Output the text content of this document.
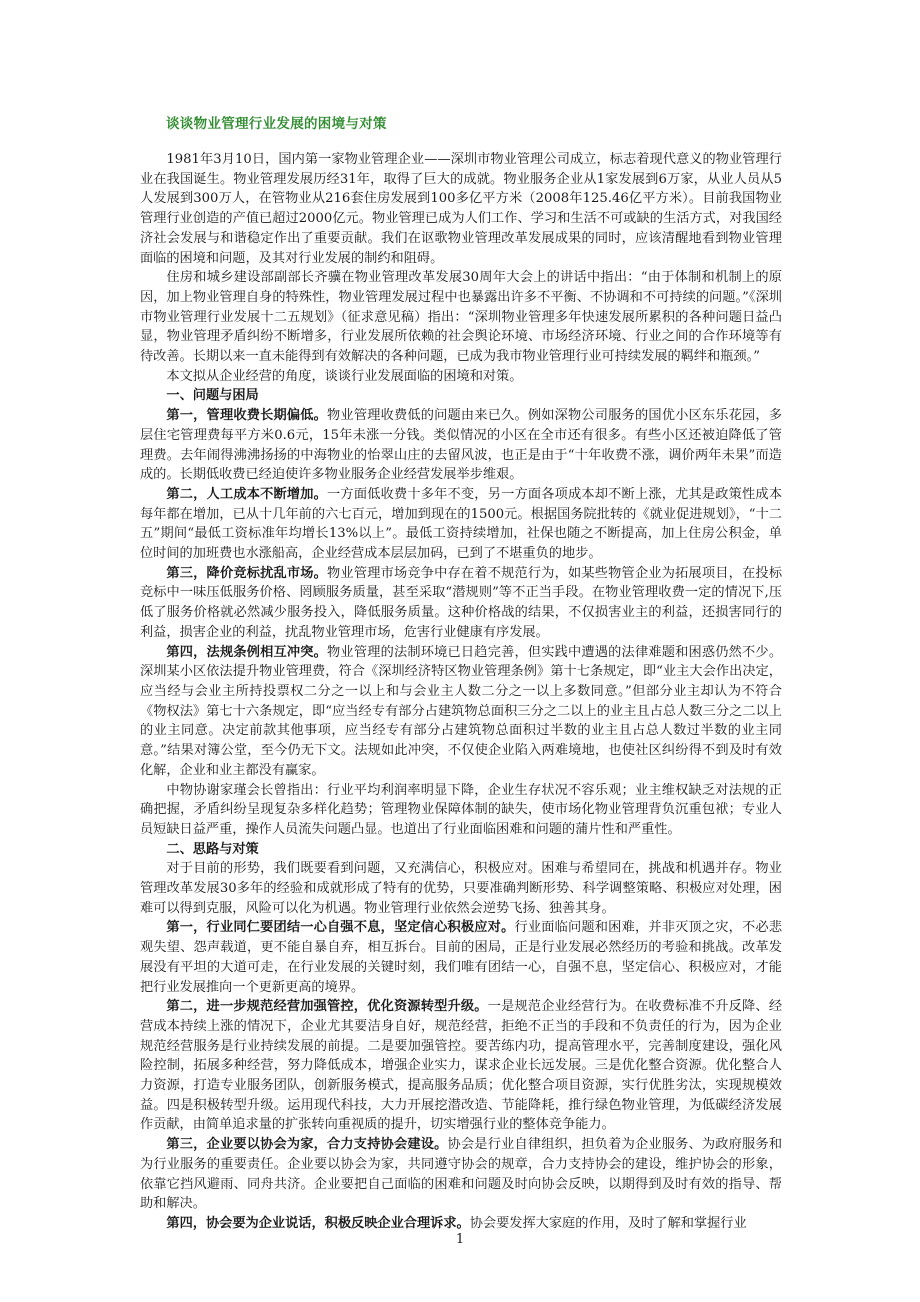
谈谈物业管理行业发展的困境与对策

1981年3月10日，国内第一家物业管理企业——深圳市物业管理公司成立，标志着现代意义的物业管理行业在我国诞生。物业管理发展历经31年，取得了巨大的成就。物业服务企业从1家发展到6万家，从业人员从5 人发展到300万人，在管物业从216套住房发展到100多亿平方米（2008年125.46亿平方米）。目前我国物业管理行业创造的产值已超过2000亿元。物业管理已成为人们工作、学习和生活不可或缺的生活方式，对我国经济社会发展与和谐稳定作出了重要贡献。我们在讴歌物业管理改革发展成果的同时，应该清醒地看到物业管理面临的困境和问题，及其对行业发展的制约和阻碍。

住房和城乡建设部副部长齐骥在物业管理改革发展30周年大会上的讲话中指出：“由于体制和机制上的原因，加上物业管理自身的特殊性，物业管理发展过程中也暴露出许多不平衡、不协调和不可持续的问题。”《深圳市物业管理行业发展十二五规划》（征求意见稿）指出：“深圳物业管理多年快速发展所累积的各种问题日益凸显，物业管理矛盾纠纷不断增多，行业发展所依赖的社会舆论环境、市场经济环境、行业之间的合作环境等有待改善。长期以来一直未能得到有效解决的各种问题，已成为我市物业管理行业可持续发展的羁绊和瓶颈。”

本文拟从企业经营的角度，谈谈行业发展面临的困境和对策。

一、问题与困局

第一，管理收费长期偏低。物业管理收费低的问题由来已久。例如深物公司服务的国优小区东乐花园，多层住宅管理费每平方米0.6元，15年未涨一分钱。类似情况的小区在全市还有很多。有些小区还被迫降低了管理费。去年闹得沸沸扬扬的中海物业的怡翠山庄的去留风波，也正是由于“十年收费不涨，调价两年未果”而造成的。长期低收费已经迫使许多物业服务企业经营发展举步维艰。

第二，人工成本不断增加。一方面低收费十多年不变，另一方面各项成本却不断上涨，尤其是政策性成本每年都在增加，已从十几年前的六七百元，增加到现在的1500元。根据国务院批转的《就业促进规划》，“十二五”期间“最低工资标准年均增长13%以上”。最低工资持续增加，社保也随之不断提高，加上住房公积金，单位时间的加班费也水涨船高，企业经营成本层层加码，已到了不堪重负的地步。

第三，降价竞标扰乱市场。物业管理市场竞争中存在着不规范行为，如某些物管企业为拓展项目，在投标竞标中一味压低服务价格、罔顾服务质量，甚至采取“潜规则”等不正当手段。在物业管理收费一定的情况下,压低了服务价格就必然减少服务投入，降低服务质量。这种价格战的结果，不仅损害业主的利益，还损害同行的利益，损害企业的利益，扰乱物业管理市场，危害行业健康有序发展。

第四，法规条例相互冲突。物业管理的法制环境已日趋完善，但实践中遭遇的法律难题和困惑仍然不少。深圳某小区依法提升物业管理费，符合《深圳经济特区物业管理条例》第十七条规定，即“业主大会作出决定，应当经与会业主所持投票权二分之一以上和与会业主人数二分之一以上多数同意。”但部分业主却认为不符合《物权法》第七十六条规定，即“应当经专有部分占建筑物总面积三分之二以上的业主且占总人数三分之二以上的业主同意。决定前款其他事项，应当经专有部分占建筑物总面积过半数的业主且占总人数过半数的业主同意。”结果对簿公堂，至今仍无下文。法规如此冲突，不仅使企业陷入两难境地，也使社区纠纷得不到及时有效化解，企业和业主都没有赢家。

中物协谢家瑾会长曾指出：行业平均利润率明显下降，企业生存状况不容乐观；业主维权缺乏对法规的正确把握，矛盾纠纷呈现复杂多样化趋势；管理物业保障体制的缺失，使市场化物业管理背负沉重包袱；专业人员短缺日益严重，操作人员流失问题凸显。也道出了行业面临困难和问题的蒲片性和严重性。

二、思路与对策

对于目前的形势，我们既要看到问题，又充满信心，积极应对。困难与希望同在，挑战和机遇并存。物业管理改革发展30多年的经验和成就形成了特有的优势，只要准确判断形势、科学调整策略、积极应对处理，困难可以得到克服，风险可以化为机遇。物业管理行业依然会逆势飞扬、独善其身。

第一，行业同仁要团结一心自强不息，坚定信心积极应对。行业面临问题和困难，并非灭顶之灾，不必悲观失望、怨声载道，更不能自暴自弃，相互拆台。目前的困局，正是行业发展必然经历的考验和挑战。改革发展没有平坦的大道可走，在行业发展的关键时刻，我们唯有团结一心，自强不息，坚定信心、积极应对，才能把行业发展推向一个更新更高的境界。

第二，进一步规范经营加强管控，优化资源转型升级。一是规范企业经营行为。在收费标准不升反降、经营成本持续上涨的情况下，企业尤其要洁身自好，规范经营，拒绝不正当的手段和不负责任的行为，因为企业规范经营服务是行业持续发展的前提。二是要加强管控。要苦练内功，提高管理水平，完善制度建设，强化风险控制，拓展多种经营，努力降低成本，增强企业实力，谋求企业长远发展。三是优化整合资源。优化整合人力资源，打造专业服务团队，创新服务模式，提高服务品质；优化整合项目资源，实行优胜劣汰，实现规模效益。四是积极转型升级。运用现代科技，大力开展挖潜改造、节能降耗，推行绿色物业管理，为低碳经济发展作贡献，由简单追求量的扩张转向重视质的提升，切实增强行业的整体竞争能力。

第三，企业要以协会为家，合力支持协会建设。协会是行业自律组织，担负着为企业服务、为政府服务和为行业服务的重要责任。企业要以协会为家，共同遵守协会的规章，合力支持协会的建设，维护协会的形象，依靠它挡风避雨、同舟共济。企业要把自己面临的困难和问题及时向协会反映，以期得到及时有效的指导、帮助和解决。

第四，协会要为企业说话，积极反映企业合理诉求。协会要发挥大家庭的作用，及时了解和掌握行业

1
